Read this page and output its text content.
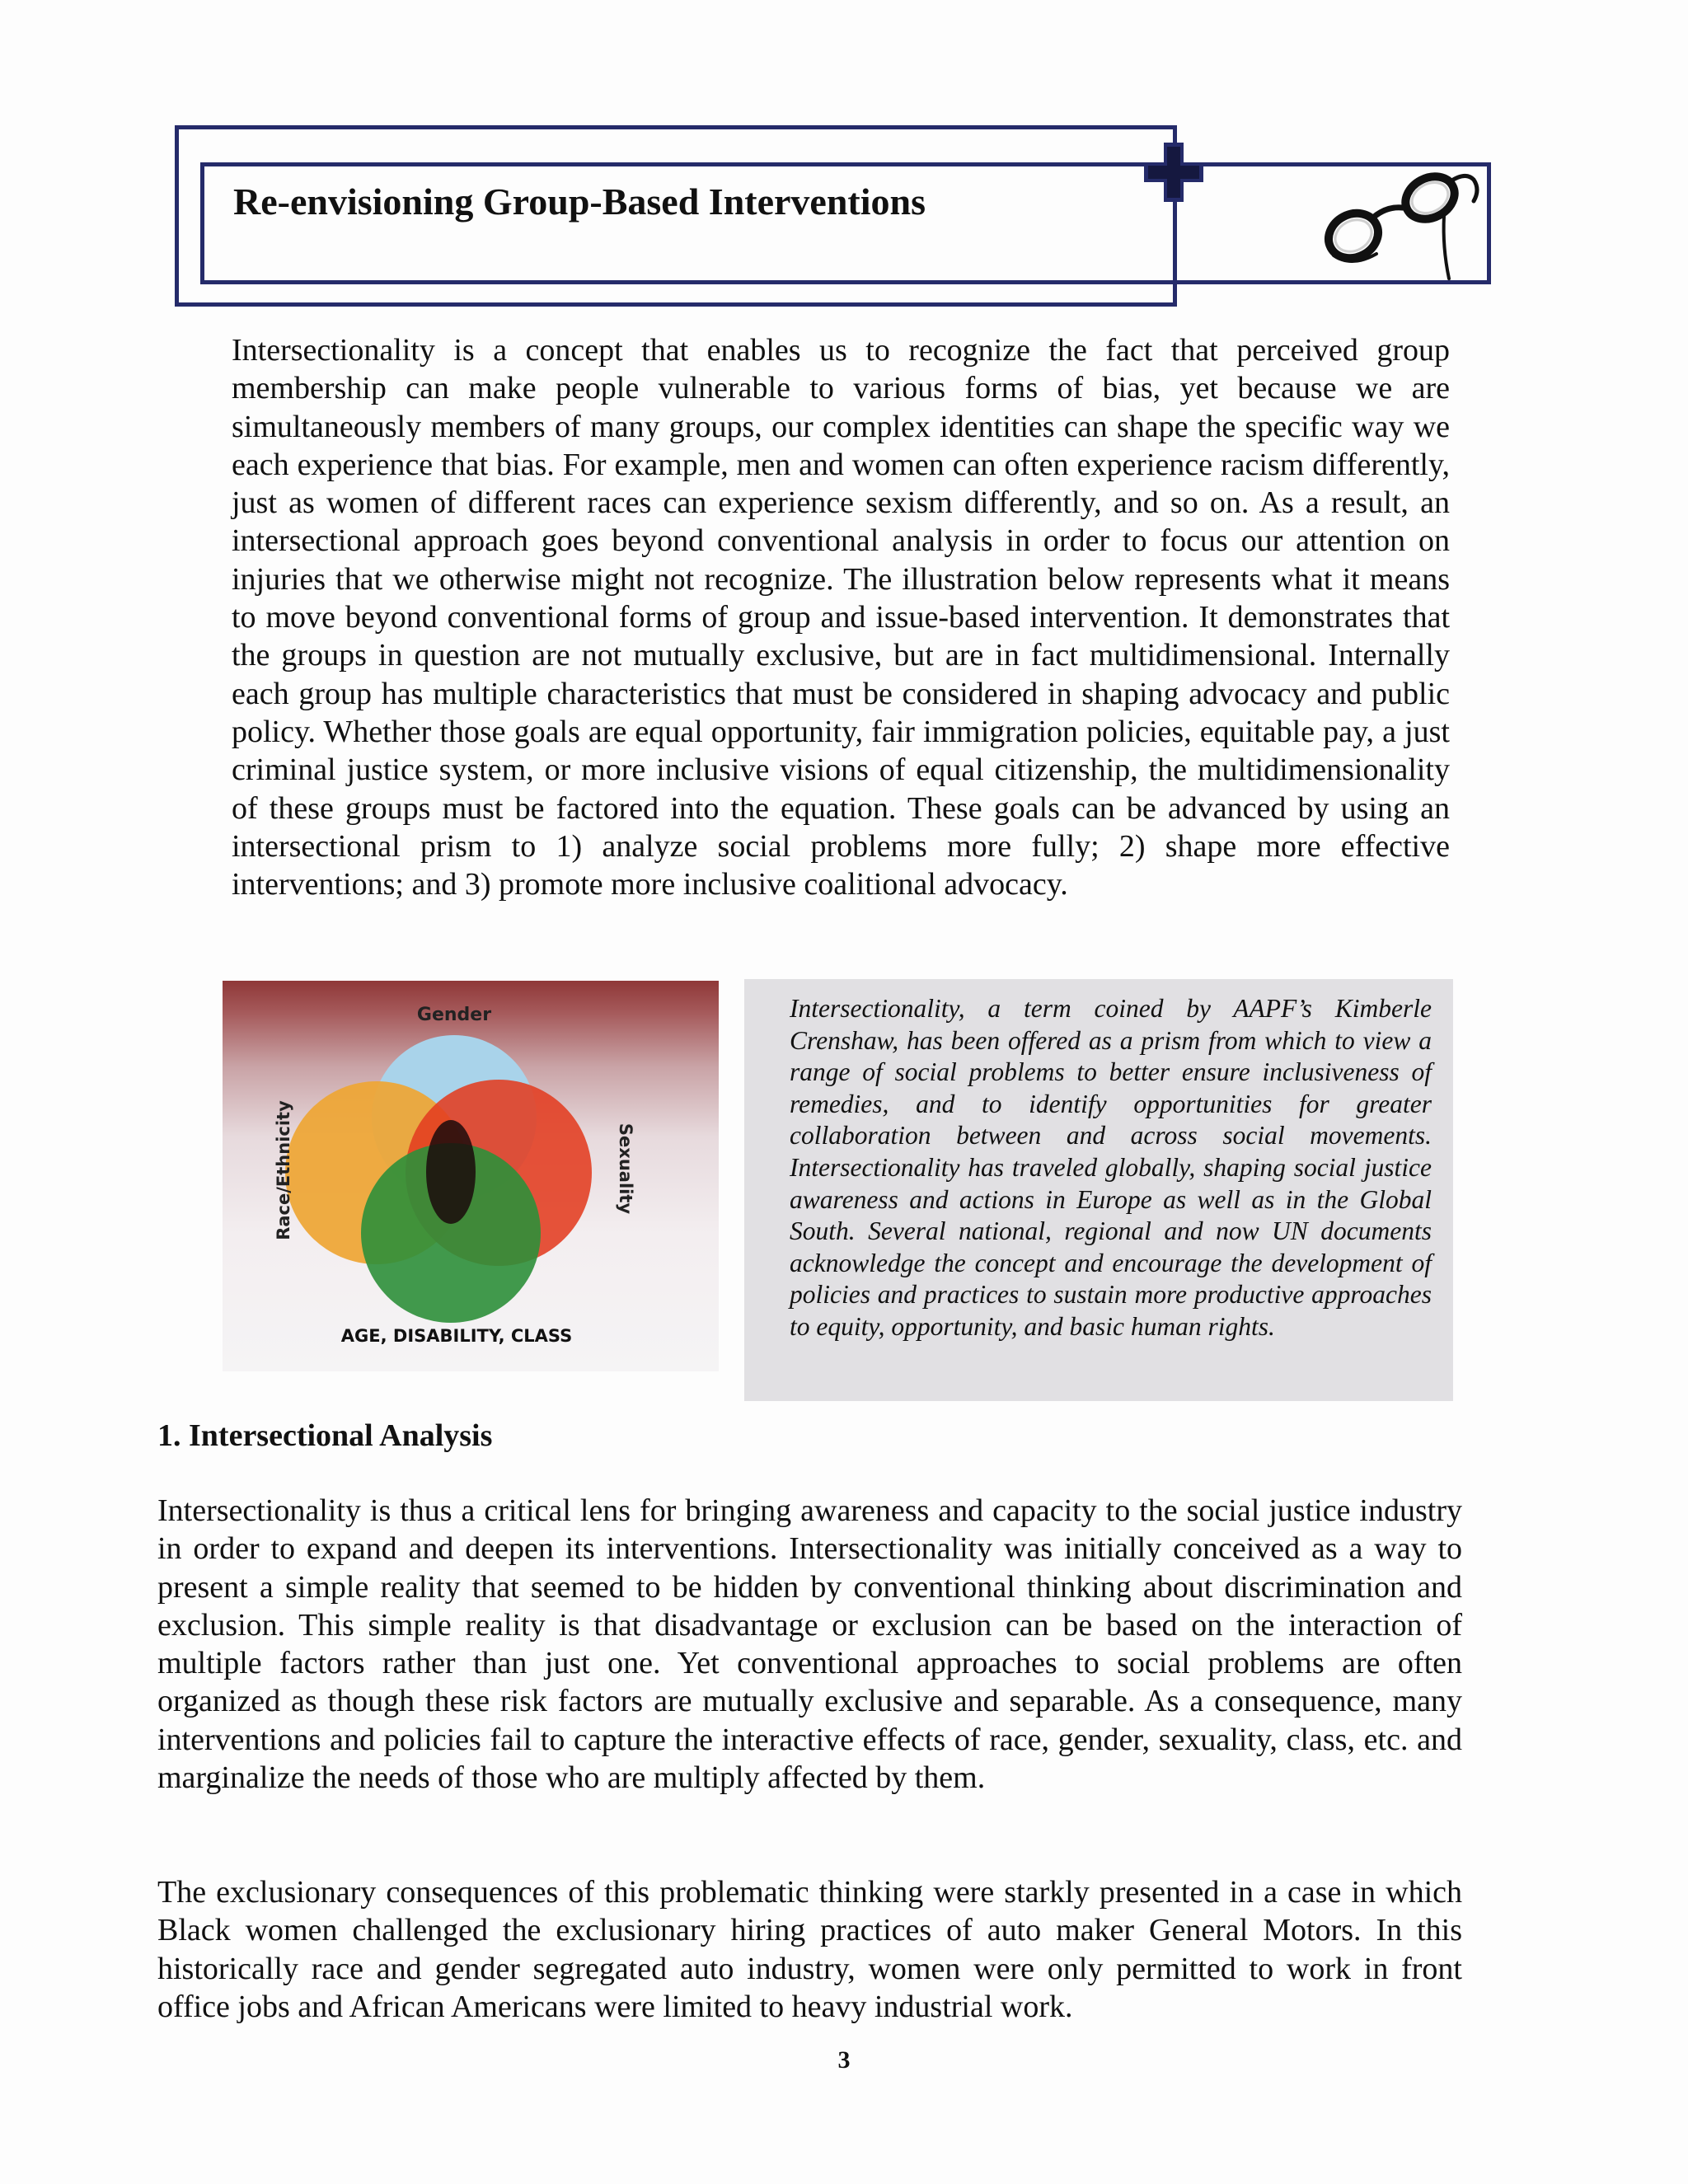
Re-envisioning Group-Based Interventions
Intersectionality is a concept that enables us to recognize the fact that perceived group membership can make people vulnerable to various forms of bias, yet because we are simultaneously members of many groups, our complex identities can shape the specific way we each experience that bias. For example, men and women can often experience racism differently, just as women of different races can experience sexism differently, and so on. As a result, an intersectional approach goes beyond conventional analysis in order to focus our attention on injuries that we otherwise might not recognize. The illustration below represents what it means to move beyond conventional forms of group and issue-based intervention. It demonstrates that the groups in question are not mutually exclusive, but are in fact multidimensional. Internally each group has multiple characteristics that must be considered in shaping advocacy and public policy. Whether those goals are equal opportunity, fair immigration policies, equitable pay, a just criminal justice system, or more inclusive visions of equal citizenship, the multidimensionality of these groups must be factored into the equation. These goals can be advanced by using an intersectional prism to 1) analyze social problems more fully; 2) shape more effective interventions; and 3) promote more inclusive coalitional advocacy.
Gender
Race/Ethnicity	Sexuality
AGE, DISABILITY, CLASS
Intersectionality, a term coined by AAPF’s Kimberle Crenshaw, has been offered as a prism from which to view a range of social problems to better ensure inclusiveness of remedies, and to identify opportunities for greater collaboration between and across social movements. Intersectionality has traveled globally, shaping social justice awareness and actions in Europe as well as in the Global South. Several national, regional and now UN documents acknowledge the concept and encourage the development of policies and practices to sustain more productive approaches to equity, opportunity, and basic human rights.
1. Intersectional Analysis
Intersectionality is thus a critical lens for bringing awareness and capacity to the social justice industry in order to expand and deepen its interventions. Intersectionality was initially conceived as a way to present a simple reality that seemed to be hidden by conventional thinking about discrimination and exclusion. This simple reality is that disadvantage or exclusion can be based on the interaction of multiple factors rather than just one. Yet conventional approaches to social problems are often organized as though these risk factors are mutually exclusive and separable. As a consequence, many interventions and policies fail to capture the interactive effects of race, gender, sexuality, class, etc. and marginalize the needs of those who are multiply affected by them.
The exclusionary consequences of this problematic thinking were starkly presented in a case in which Black women challenged the exclusionary hiring practices of auto maker General Motors. In this historically race and gender segregated auto industry, women were only permitted to work in front office jobs and African Americans were limited to heavy industrial work.
3
